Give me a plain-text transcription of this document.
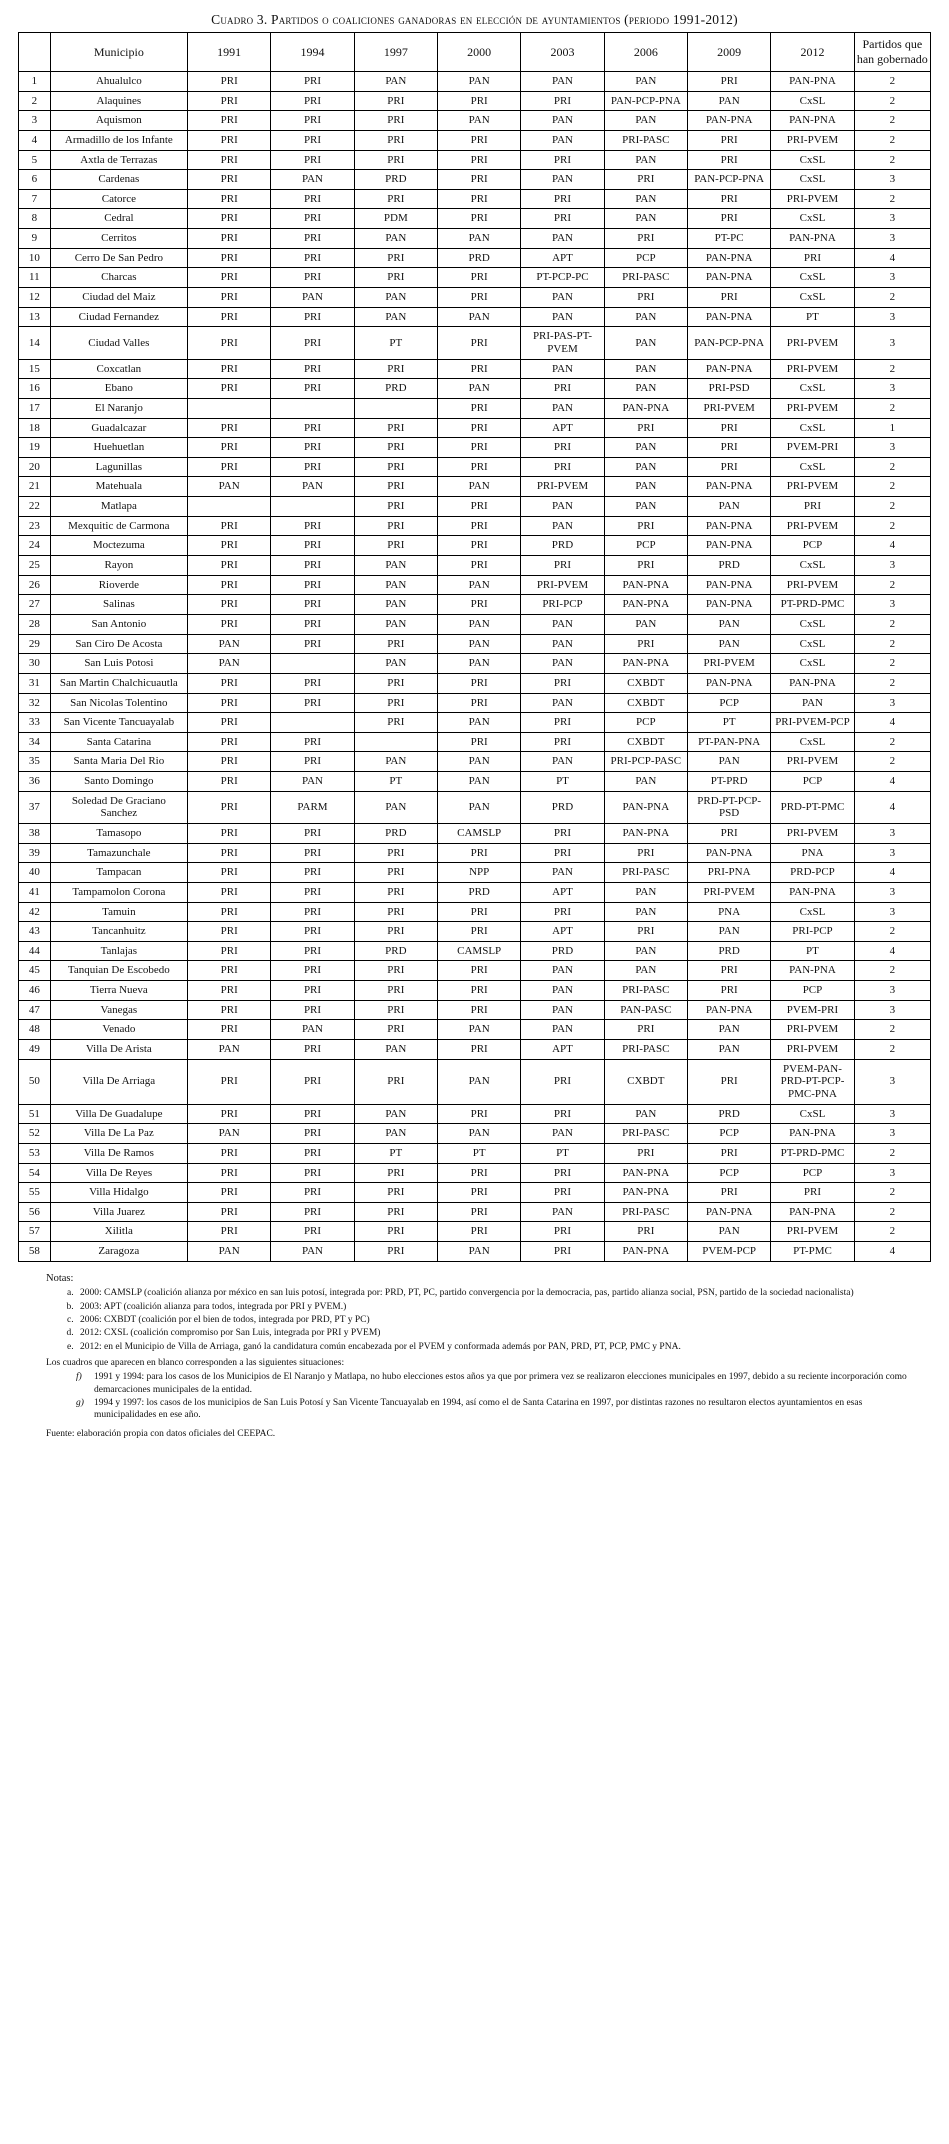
Cuadro 3. Partidos o coaliciones ganadoras en elección de ayuntamientos (periodo 1991-2012)
	Municipio	1991	1994	1997	2000	2003	2006	2009	2012	Partidos que han gobernado
1	Ahualulco	PRI	PRI	PAN	PAN	PAN	PAN	PRI	PAN-PNA	2
2	Alaquines	PRI	PRI	PRI	PRI	PRI	PAN-PCP-PNA	PAN	CxSL	2
3	Aquismon	PRI	PRI	PRI	PAN	PAN	PAN	PAN-PNA	PAN-PNA	2
4	Armadillo de los Infante	PRI	PRI	PRI	PRI	PAN	PRI-PASC	PRI	PRI-PVEM	2
5	Axtla de Terrazas	PRI	PRI	PRI	PRI	PRI	PAN	PRI	CxSL	2
6	Cardenas	PRI	PAN	PRD	PRI	PAN	PRI	PAN-PCP-PNA	CxSL	3
7	Catorce	PRI	PRI	PRI	PRI	PRI	PAN	PRI	PRI-PVEM	2
8	Cedral	PRI	PRI	PDM	PRI	PRI	PAN	PRI	CxSL	3
9	Cerritos	PRI	PRI	PAN	PAN	PAN	PRI	PT-PC	PAN-PNA	3
10	Cerro De San Pedro	PRI	PRI	PRI	PRD	APT	PCP	PAN-PNA	PRI	4
11	Charcas	PRI	PRI	PRI	PRI	PT-PCP-PC	PRI-PASC	PAN-PNA	CxSL	3
12	Ciudad del Maiz	PRI	PAN	PAN	PRI	PAN	PRI	PRI	CxSL	2
13	Ciudad Fernandez	PRI	PRI	PAN	PAN	PAN	PAN	PAN-PNA	PT	3
14	Ciudad Valles	PRI	PRI	PT	PRI	PRI-PAS-PT-PVEM	PAN	PAN-PCP-PNA	PRI-PVEM	3
15	Coxcatlan	PRI	PRI	PRI	PRI	PAN	PAN	PAN-PNA	PRI-PVEM	2
16	Ebano	PRI	PRI	PRD	PAN	PRI	PAN	PRI-PSD	CxSL	3
17	El Naranjo				PRI	PAN	PAN-PNA	PRI-PVEM	PRI-PVEM	2
18	Guadalcazar	PRI	PRI	PRI	PRI	APT	PRI	PRI	CxSL	1
19	Huehuetlan	PRI	PRI	PRI	PRI	PRI	PAN	PRI	PVEM-PRI	3
20	Lagunillas	PRI	PRI	PRI	PRI	PRI	PAN	PRI	CxSL	2
21	Matehuala	PAN	PAN	PRI	PAN	PRI-PVEM	PAN	PAN-PNA	PRI-PVEM	2
22	Matlapa			PRI	PRI	PAN	PAN	PAN	PRI	2
23	Mexquitic de Carmona	PRI	PRI	PRI	PRI	PAN	PRI	PAN-PNA	PRI-PVEM	2
24	Moctezuma	PRI	PRI	PRI	PRI	PRD	PCP	PAN-PNA	PCP	4
25	Rayon	PRI	PRI	PAN	PRI	PRI	PRI	PRD	CxSL	3
26	Rioverde	PRI	PRI	PAN	PAN	PRI-PVEM	PAN-PNA	PAN-PNA	PRI-PVEM	2
27	Salinas	PRI	PRI	PAN	PRI	PRI-PCP	PAN-PNA	PAN-PNA	PT-PRD-PMC	3
28	San Antonio	PRI	PRI	PAN	PAN	PAN	PAN	PAN	CxSL	2
29	San Ciro De Acosta	PAN	PRI	PRI	PAN	PAN	PRI	PAN	CxSL	2
30	San Luis Potosi	PAN		PAN	PAN	PAN	PAN-PNA	PRI-PVEM	CxSL	2
31	San Martin Chalchicuautla	PRI	PRI	PRI	PRI	PRI	CXBDT	PAN-PNA	PAN-PNA	2
32	San Nicolas Tolentino	PRI	PRI	PRI	PRI	PAN	CXBDT	PCP	PAN	3
33	San Vicente Tancuayalab	PRI		PRI	PAN	PRI	PCP	PT	PRI-PVEM-PCP	4
34	Santa Catarina	PRI	PRI		PRI	PRI	CXBDT	PT-PAN-PNA	CxSL	2
35	Santa Maria Del Rio	PRI	PRI	PAN	PAN	PAN	PRI-PCP-PASC	PAN	PRI-PVEM	2
36	Santo Domingo	PRI	PAN	PT	PAN	PT	PAN	PT-PRD	PCP	4
37	Soledad De Graciano Sanchez	PRI	PARM	PAN	PAN	PRD	PAN-PNA	PRD-PT-PCP-PSD	PRD-PT-PMC	4
38	Tamasopo	PRI	PRI	PRD	CAMSLP	PRI	PAN-PNA	PRI	PRI-PVEM	3
39	Tamazunchale	PRI	PRI	PRI	PRI	PRI	PRI	PAN-PNA	PNA	3
40	Tampacan	PRI	PRI	PRI	NPP	PAN	PRI-PASC	PRI-PNA	PRD-PCP	4
41	Tampamolon Corona	PRI	PRI	PRI	PRD	APT	PAN	PRI-PVEM	PAN-PNA	3
42	Tamuin	PRI	PRI	PRI	PRI	PRI	PAN	PNA	CxSL	3
43	Tancanhuitz	PRI	PRI	PRI	PRI	APT	PRI	PAN	PRI-PCP	2
44	Tanlajas	PRI	PRI	PRD	CAMSLP	PRD	PAN	PRD	PT	4
45	Tanquian De Escobedo	PRI	PRI	PRI	PRI	PAN	PAN	PRI	PAN-PNA	2
46	Tierra Nueva	PRI	PRI	PRI	PRI	PAN	PRI-PASC	PRI	PCP	3
47	Vanegas	PRI	PRI	PRI	PRI	PAN	PAN-PASC	PAN-PNA	PVEM-PRI	3
48	Venado	PRI	PAN	PRI	PAN	PAN	PRI	PAN	PRI-PVEM	2
49	Villa De Arista	PAN	PRI	PAN	PRI	APT	PRI-PASC	PAN	PRI-PVEM	2
50	Villa De Arriaga	PRI	PRI	PRI	PAN	PRI	CXBDT	PRI	PVEM-PAN-PRD-PT-PCP-PMC-PNA	3
51	Villa De Guadalupe	PRI	PRI	PAN	PRI	PRI	PAN	PRD	CxSL	3
52	Villa De La Paz	PAN	PRI	PAN	PAN	PAN	PRI-PASC	PCP	PAN-PNA	3
53	Villa De Ramos	PRI	PRI	PT	PT	PT	PRI	PRI	PT-PRD-PMC	2
54	Villa De Reyes	PRI	PRI	PRI	PRI	PRI	PAN-PNA	PCP	PCP	3
55	Villa Hidalgo	PRI	PRI	PRI	PRI	PRI	PAN-PNA	PRI	PRI	2
56	Villa Juarez	PRI	PRI	PRI	PRI	PAN	PRI-PASC	PAN-PNA	PAN-PNA	2
57	Xilitla	PRI	PRI	PRI	PRI	PRI	PRI	PAN	PRI-PVEM	2
58	Zaragoza	PAN	PAN	PRI	PAN	PRI	PAN-PNA	PVEM-PCP	PT-PMC	4
Notas:
a. 2000: CAMSLP (coalición alianza por méxico en san luis potosí, integrada por: PRD, PT, PC, partido convergencia por la democracia, pas, partido alianza social, PSN, partido de la sociedad nacionalista)
b. 2003: APT (coalición alianza para todos, integrada por PRI y PVEM.)
c. 2006: CXBDT (coalición por el bien de todos, integrada por PRD, PT y PC)
d. 2012: CXSL (coalición compromiso por San Luis, integrada por PRI y PVEM)
e. 2012: en el Municipio de Villa de Arriaga, ganó la candidatura común encabezada por el PVEM y conformada además por PAN, PRD, PT, PCP, PMC y PNA.
Los cuadros que aparecen en blanco corresponden a las siguientes situaciones:
f) 1991 y 1994: para los casos de los Municipios de El Naranjo y Matlapa, no hubo elecciones estos años ya que por primera vez se realizaron elecciones municipales en 1997, debido a su reciente incorporación como demarcaciones municipales de la entidad.
g) 1994 y 1997: los casos de los municipios de San Luis Potosí y San Vicente Tancuayalab en 1994, así como el de Santa Catarina en 1997, por distintas razones no resultaron electos ayuntamientos en esas municipalidades en ese año.
Fuente: elaboración propia con datos oficiales del CEEPAC.
